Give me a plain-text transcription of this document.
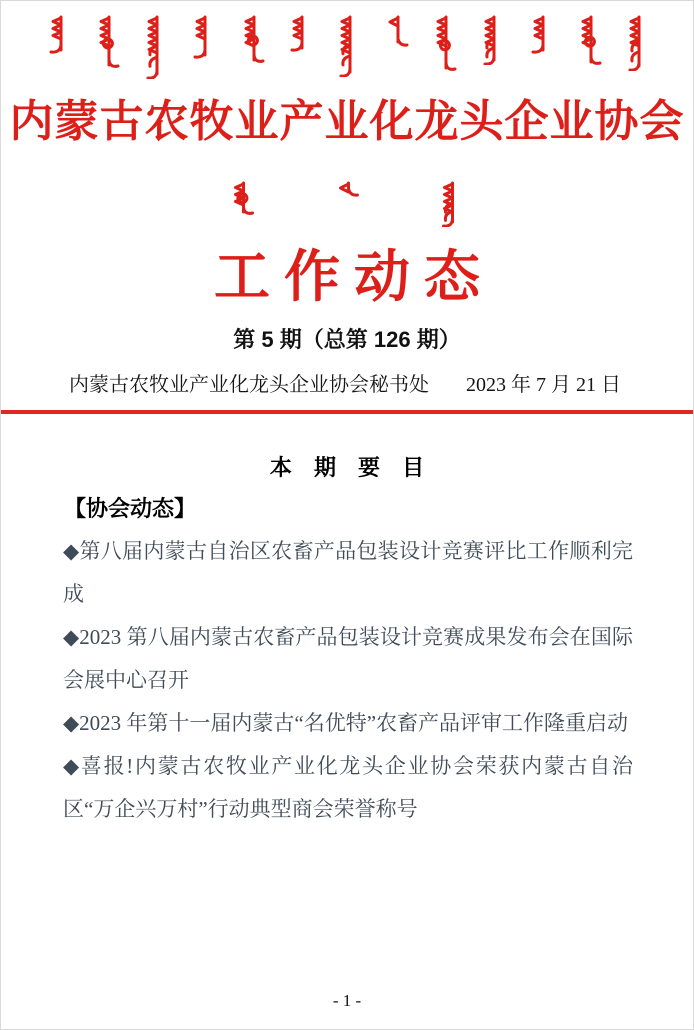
内蒙古农牧业产业化龙头企业协会
工作动态
第 5 期（总第 126 期）
内蒙古农牧业产业化龙头企业协会秘书处 2023 年 7 月 21 日
本 期 要 目
【协会动态】

◆第八届内蒙古自治区农畜产品包装设计竞赛评比工作顺利完成

◆2023 第八届内蒙古农畜产品包装设计竞赛成果发布会在国际会展中心召开

◆2023 年第十一届内蒙古“名优特”农畜产品评审工作隆重启动

◆喜报!内蒙古农牧业产业化龙头企业协会荣获内蒙古自治区“万企兴万村”行动典型商会荣誉称号

- 1 -
